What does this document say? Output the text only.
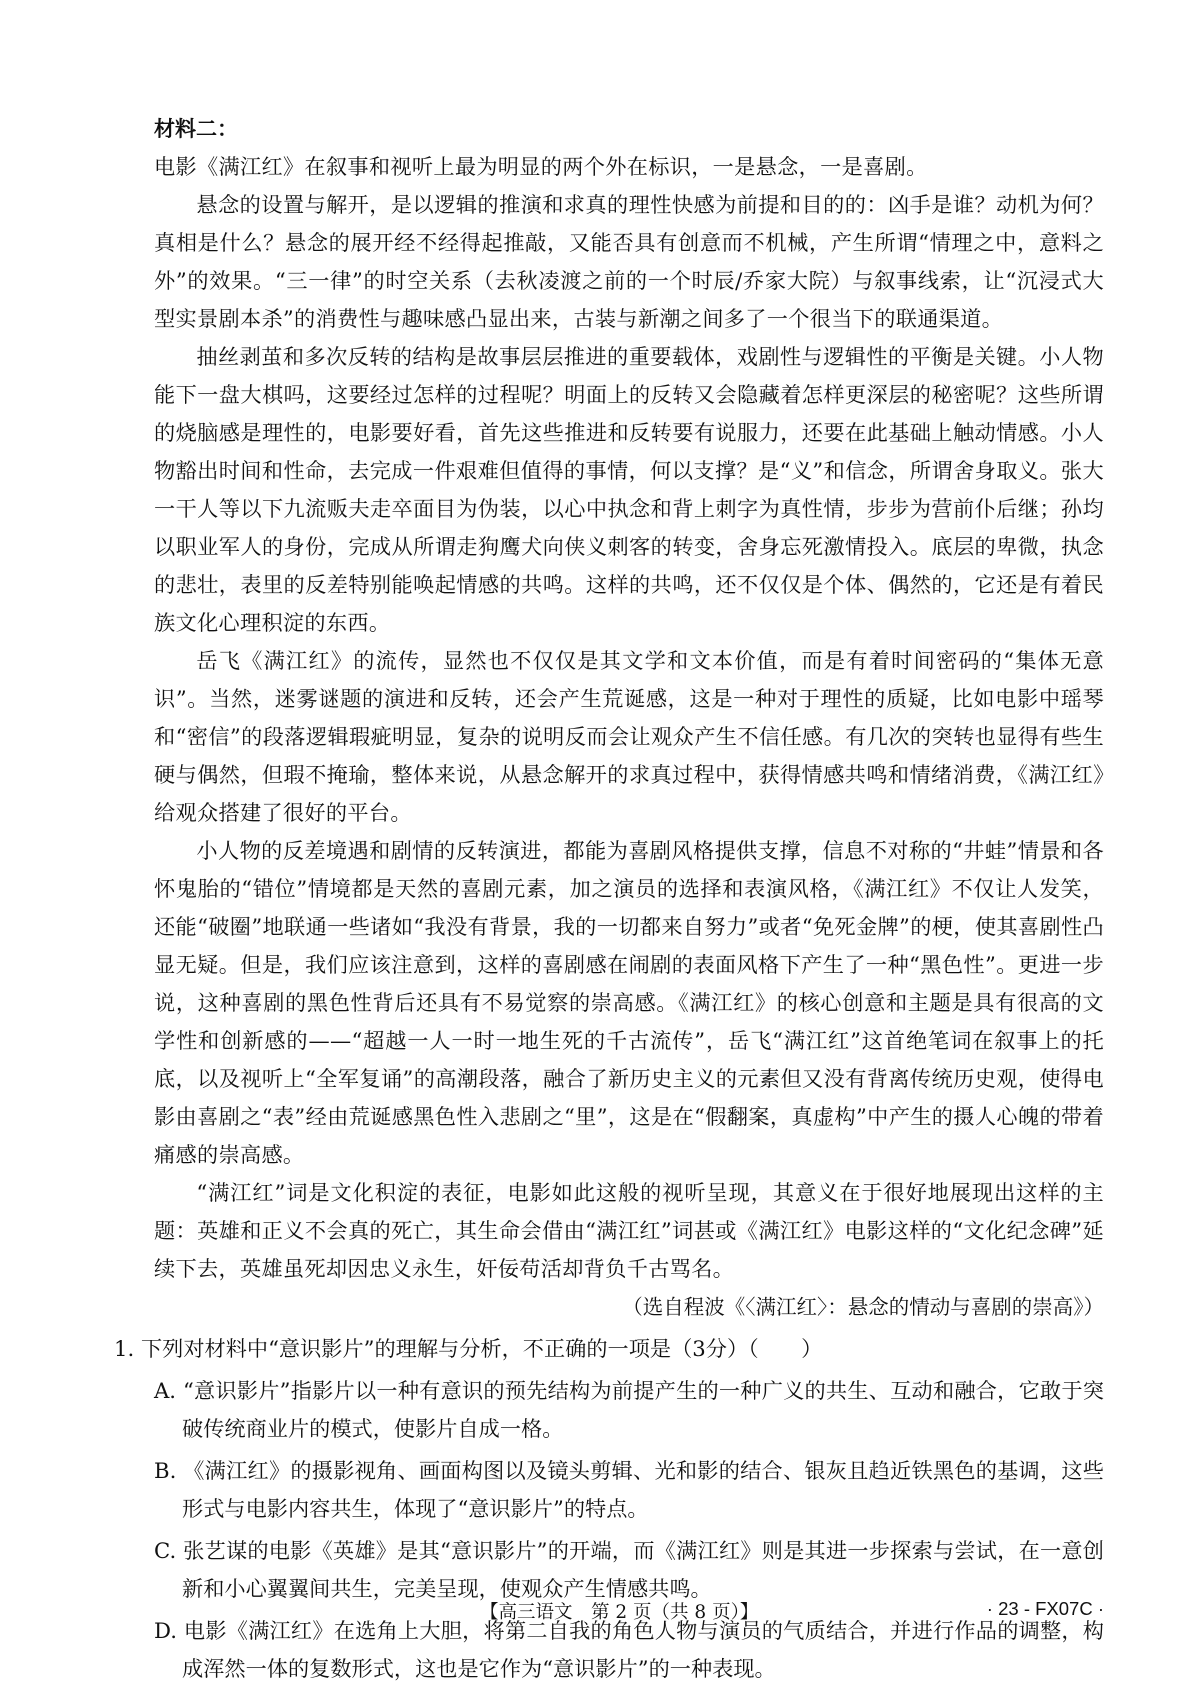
材料二：

电影《满江红》在叙事和视听上最为明显的两个外在标识，一是悬念，一是喜剧。

悬念的设置与解开，是以逻辑的推演和求真的理性快感为前提和目的的：凶手是谁？动机为何？真相是什么？悬念的展开经不经得起推敲，又能否具有创意而不机械，产生所谓“情理之中，意料之外”的效果。“三一律”的时空关系（去秋凌渡之前的一个时辰/乔家大院）与叙事线索，让“沉浸式大型实景剧本杀”的消费性与趣味感凸显出来，古装与新潮之间多了一个很当下的联通渠道。

抽丝剥茧和多次反转的结构是故事层层推进的重要载体，戏剧性与逻辑性的平衡是关键。小人物能下一盘大棋吗，这要经过怎样的过程呢？明面上的反转又会隐藏着怎样更深层的秘密呢？这些所谓的烧脑感是理性的，电影要好看，首先这些推进和反转要有说服力，还要在此基础上触动情感。小人物豁出时间和性命，去完成一件艰难但值得的事情，何以支撑？是“义”和信念，所谓舍身取义。张大一干人等以下九流贩夫走卒面目为伪装，以心中执念和背上刺字为真性情，步步为营前仆后继；孙均以职业军人的身份，完成从所谓走狗鹰犬向侠义刺客的转变，舍身忘死激情投入。底层的卑微，执念的悲壮，表里的反差特别能唤起情感的共鸣。这样的共鸣，还不仅仅是个体、偶然的，它还是有着民族文化心理积淀的东西。

岳飞《满江红》的流传，显然也不仅仅是其文学和文本价值，而是有着时间密码的“集体无意识”。当然，迷雾谜题的演进和反转，还会产生荒诞感，这是一种对于理性的质疑，比如电影中瑶琴和“密信”的段落逻辑瑕疵明显，复杂的说明反而会让观众产生不信任感。有几次的突转也显得有些生硬与偶然，但瑕不掩瑜，整体来说，从悬念解开的求真过程中，获得情感共鸣和情绪消费，《满江红》给观众搭建了很好的平台。

小人物的反差境遇和剧情的反转演进，都能为喜剧风格提供支撑，信息不对称的“井蛙”情景和各怀鬼胎的“错位”情境都是天然的喜剧元素，加之演员的选择和表演风格，《满江红》不仅让人发笑，还能“破圈”地联通一些诸如“我没有背景，我的一切都来自努力”或者“免死金牌”的梗，使其喜剧性凸显无疑。但是，我们应该注意到，这样的喜剧感在闹剧的表面风格下产生了一种“黑色性”。更进一步说，这种喜剧的黑色性背后还具有不易觉察的崇高感。《满江红》的核心创意和主题是具有很高的文学性和创新感的——“超越一人一时一地生死的千古流传”，岳飞“满江红”这首绝笔词在叙事上的托底，以及视听上“全军复诵”的高潮段落，融合了新历史主义的元素但又没有背离传统历史观，使得电影由喜剧之“表”经由荒诞感黑色性入悲剧之“里”，这是在“假翻案，真虚构”中产生的摄人心魄的带着痛感的崇高感。

“满江红”词是文化积淀的表征，电影如此这般的视听呈现，其意义在于很好地展现出这样的主题：英雄和正义不会真的死亡，其生命会借由“满江红”词甚或《满江红》电影这样的“文化纪念碑”延续下去，英雄虽死却因忠义永生，奸佞苟活却背负千古骂名。

（选自程波《〈满江红〉：悬念的情动与喜剧的崇高》）

1. 下列对材料中“意识影片”的理解与分析，不正确的一项是（3分）（　　）

A. “意识影片”指影片以一种有意识的预先结构为前提产生的一种广义的共生、互动和融合，它敢于突破传统商业片的模式，使影片自成一格。
B. 《满江红》的摄影视角、画面构图以及镜头剪辑、光和影的结合、银灰且趋近铁黑色的基调，这些形式与电影内容共生，体现了“意识影片”的特点。
C. 张艺谋的电影《英雄》是其“意识影片”的开端，而《满江红》则是其进一步探索与尝试，在一意创新和小心翼翼间共生，完美呈现，使观众产生情感共鸣。
D. 电影《满江红》在选角上大胆，将第二自我的角色人物与演员的气质结合，并进行作品的调整，构成浑然一体的复数形式，这也是它作为“意识影片”的一种表现。
【高三语文　第 2 页（共 8 页）】	· 23 - FX07C ·
